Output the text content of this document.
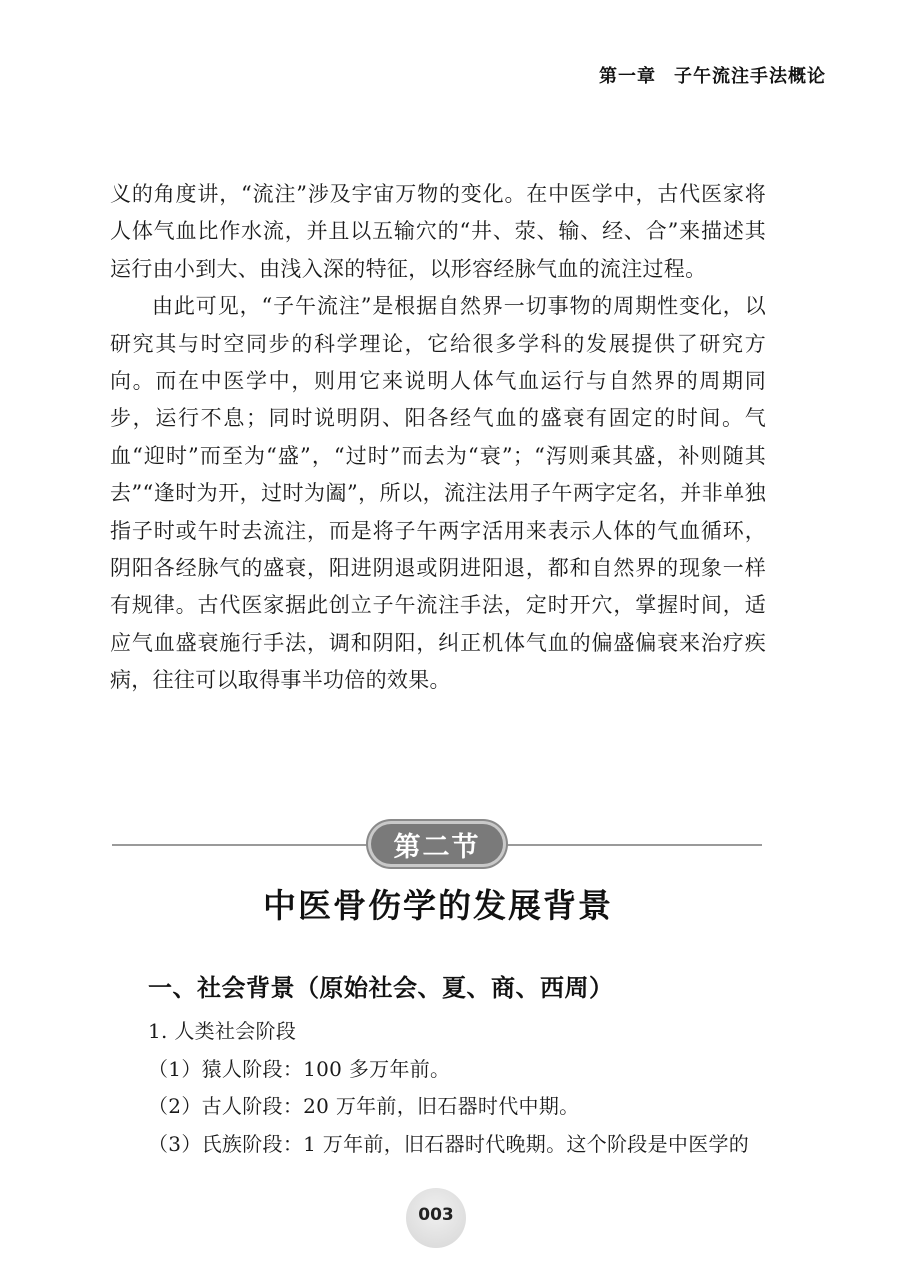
第一章 子午流注手法概论

义的角度讲，“流注”涉及宇宙万物的变化。在中医学中，古代医家将人体气血比作水流，并且以五输穴的“井、荥、输、经、合”来描述其运行由小到大、由浅入深的特征，以形容经脉气血的流注过程。

由此可见，“子午流注”是根据自然界一切事物的周期性变化，以研究其与时空同步的科学理论，它给很多学科的发展提供了研究方向。而在中医学中，则用它来说明人体气血运行与自然界的周期同步，运行不息；同时说明阴、阳各经气血的盛衰有固定的时间。气血“迎时”而至为“盛”，“过时”而去为“衰”；“泻则乘其盛，补则随其去”“逢时为开，过时为阖”，所以，流注法用子午两字定名，并非单独指子时或午时去流注，而是将子午两字活用来表示人体的气血循环，阴阳各经脉气的盛衰，阳进阴退或阴进阳退，都和自然界的现象一样有规律。古代医家据此创立子午流注手法，定时开穴，掌握时间，适应气血盛衰施行手法，调和阴阳，纠正机体气血的偏盛偏衰来治疗疾病，往往可以取得事半功倍的效果。

第二节
中医骨伤学的发展背景
一、社会背景（原始社会、夏、商、西周）
1. 人类社会阶段
（1）猿人阶段：100 多万年前。
（2）古人阶段：20 万年前，旧石器时代中期。
（3）氏族阶段：1 万年前，旧石器时代晚期。这个阶段是中医学的
003
